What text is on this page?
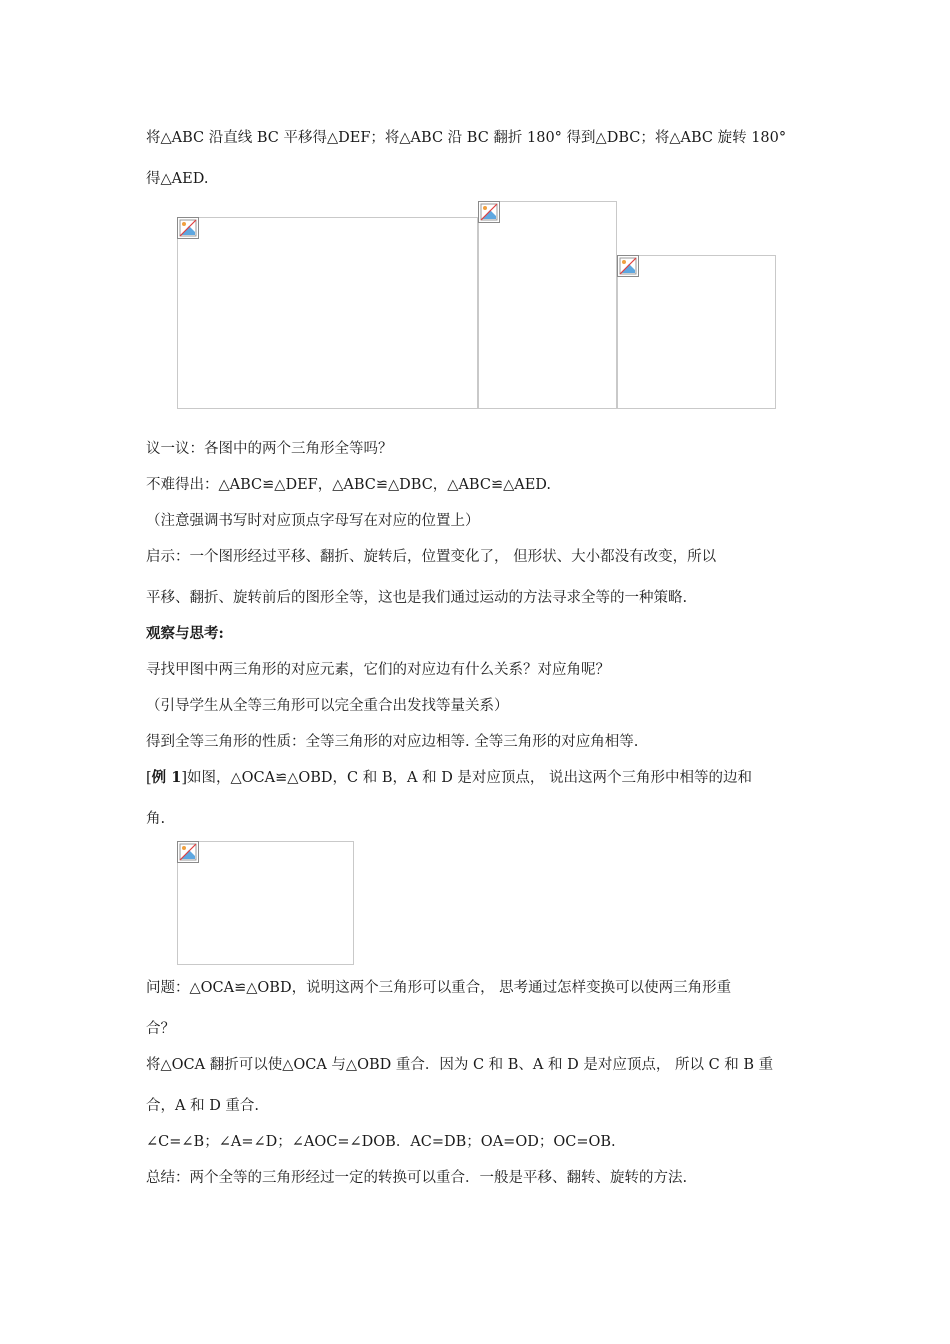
将△ABC 沿直线 BC 平移得△DEF；将△ABC 沿 BC 翻折 180° 得到△DBC；将△ABC 旋转 180°
得△AED.
议一议：各图中的两个三角形全等吗？
不难得出：△ABC≌△DEF，△ABC≌△DBC，△ABC≌△AED.
（注意强调书写时对应顶点字母写在对应的位置上）
启示：一个图形经过平移、翻折、旋转后，位置变化了， 但形状、大小都没有改变，所以
平移、翻折、旋转前后的图形全等，这也是我们通过运动的方法寻求全等的一种策略.
观察与思考:
寻找甲图中两三角形的对应元素，它们的对应边有什么关系？对应角呢？
（引导学生从全等三角形可以完全重合出发找等量关系）
得到全等三角形的性质：全等三角形的对应边相等. 全等三角形的对应角相等.
[例 1]如图，△OCA≌△OBD，C 和 B，A 和 D 是对应顶点， 说出这两个三角形中相等的边和
角.
问题：△OCA≌△OBD，说明这两个三角形可以重合， 思考通过怎样变换可以使两三角形重
合？
将△OCA 翻折可以使△OCA 与△OBD 重合．因为 C 和 B、A 和 D 是对应顶点， 所以 C 和 B 重
合，A 和 D 重合.
∠C=∠B；∠A=∠D；∠AOC=∠DOB．AC=DB；OA=OD；OC=OB.
总结：两个全等的三角形经过一定的转换可以重合．一般是平移、翻转、旋转的方法.
